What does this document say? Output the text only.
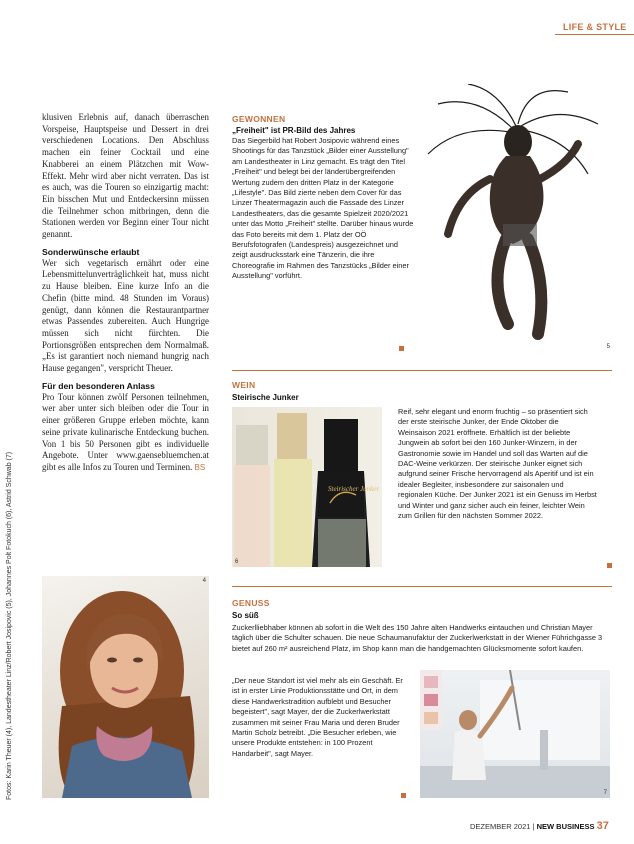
LIFE & STYLE
Fotos: Karin Theuer (4), Landestheater Linz/Robert Josipovic (5), Johannes Polt Fotokuch (6), Astrid Schwab (7)

klusiven Erlebnis auf, danach überraschen Vorspeise, Hauptspeise und Dessert in drei verschiedenen Locations. Den Abschluss machen ein feiner Cocktail und eine Knabberei an einem Plätzchen mit Wow-Effekt. Mehr wird aber nicht verraten. Das ist es auch, was die Touren so einzigartig macht: Ein bisschen Mut und Entdeckersinn müssen die Teilnehmer schon mitbringen, denn die Stationen werden vor Beginn einer Tour nicht genannt.

Sonderwünsche erlaubt

Wer sich vegetarisch ernährt oder eine Lebensmittelunverträglichkeit hat, muss nicht zu Hause bleiben. Eine kurze Info an die Chefin (bitte mind. 48 Stunden im Voraus) genügt, dann können die Restaurantpartner etwas Passendes zubereiten. Auch Hungrige müssen sich nicht fürchten. Die Portionsgrößen entsprechen dem Normalmaß. „Es ist garantiert noch niemand hungrig nach Hause gegangen", verspricht Theuer.

Für den besonderen Anlass

Pro Tour können zwölf Personen teilnehmen, wer aber unter sich bleiben oder die Tour in einer größeren Gruppe erleben möchte, kann seine private kulinarische Entdeckung buchen. Von 1 bis 50 Personen gibt es individuelle Angebote. Unter www.gaensebluemchen.at gibt es alle Infos zu Touren und Terminen. BS

4
GEWONNEN
„Freiheit" ist PR-Bild des Jahres

Das Siegerbild hat Robert Josipovic während eines Shootings für das Tanzstück „Bilder einer Ausstellung" am Landestheater in Linz gemacht. Es trägt den Titel „Freiheit" und belegt bei der länderübergreifenden Wertung zudem den dritten Platz in der Kategorie „Lifestyle". Das Bild zierte neben dem Cover für das Linzer Theatermagazin auch die Fassade des Linzer Landestheaters, das die gesamte Spielzeit 2020/2021 unter das Motto „Freiheit" stellte. Darüber hinaus wurde das Foto bereits mit dem 1. Platz der OÖ Berufsfotografen (Landespreis) ausgezeichnet und zeigt ausdrucksstark eine Tänzerin, die ihre Choreografie im Rahmen des Tanzstücks „Bilder einer Ausstellung" vorführt.

5
WEIN
Steirische Junker
Steirischer Junker
6

Reif, sehr elegant und enorm fruchtig – so präsentiert sich der erste steirische Junker, der Ende Oktober die Weinsaison 2021 eröffnete. Erhältlich ist der beliebte Jungwein ab sofort bei den 160 Junker-Winzern, in der Gastronomie sowie im Handel und soll das Warten auf die DAC-Weine verkürzen. Der steirische Junker eignet sich aufgrund seiner Frische hervorragend als Aperitif und ist ein idealer Begleiter, insbesondere zur saisonalen und regionalen Küche. Der Junker 2021 ist ein Genuss im Herbst und Winter und ganz sicher auch ein feiner, leichter Wein zum Grillen für den nächsten Sommer 2022.

GENUSS
So süß

Zuckerlliebhaber können ab sofort in die Welt des 150 Jahre alten Handwerks eintauchen und Christian Mayer täglich über die Schulter schauen. Die neue Schaumanufaktur der Zuckerlwerkstatt in der Wiener Führichgasse 3 bietet auf 260 m² ausreichend Platz, im Shop kann man die handgemachten Glücksmomente sofort kaufen.

„Der neue Standort ist viel mehr als ein Geschäft. Er ist in erster Linie Produktionsstätte und Ort, in dem diese Handwerkstradition aufblebt und Besucher begeistert", sagt Mayer, der die Zuckerlwerkstatt zusammen mit seiner Frau Maria und deren Bruder Martin Scholz betreibt. „Die Besucher erleben, wie unsere Produkte entstehen: in 100 Prozent Handarbeit", sagt Mayer.

7
DEZEMBER 2021 | NEW BUSINESS 37
